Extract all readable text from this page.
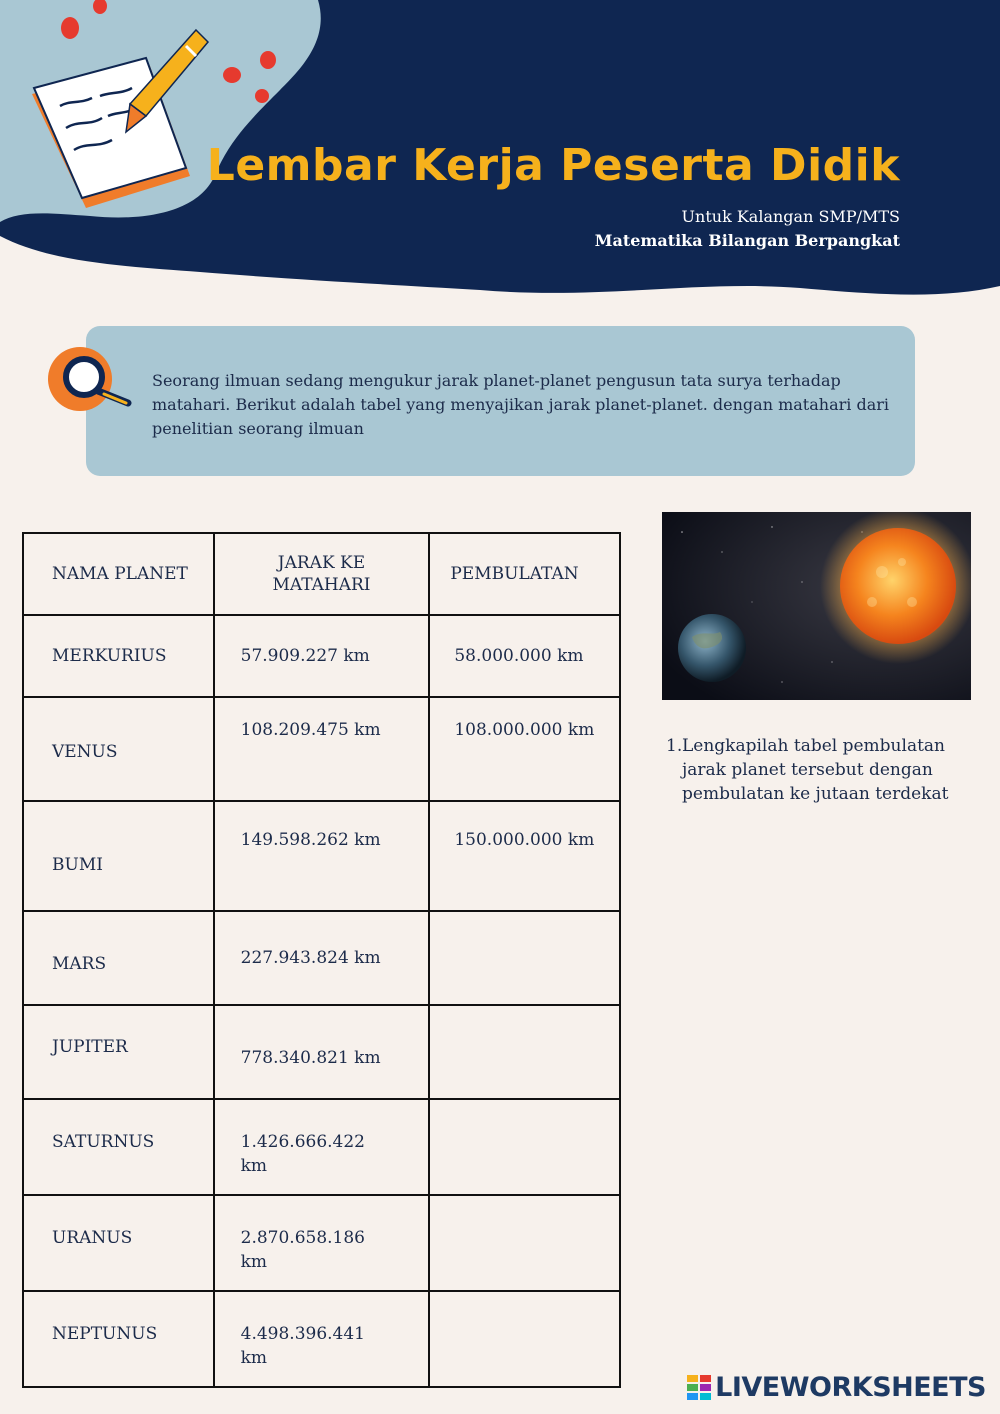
Lembar Kerja Peserta Didik
Untuk Kalangan SMP/MTS
Matematika Bilangan Berpangkat
Seorang ilmuan sedang mengukur jarak planet-planet pengusun tata surya terhadap matahari. Berikut adalah tabel yang menyajikan jarak planet-planet. dengan matahari dari penelitian seorang ilmuan
NAMA PLANET	JARAK KE MATAHARI	PEMBULATAN
MERKURIUS	57.909.227 km	58.000.000 km
VENUS	108.209.475 km	108.000.000 km
BUMI	149.598.262 km	150.000.000 km
MARS	227.943.824 km	
JUPITER	778.340.821 km	
SATURNUS	1.426.666.422 km	
URANUS	2.870.658.186 km	
NEPTUNUS	4.498.396.441 km	
1. Lengkapilah tabel pembulatan jarak planet tersebut dengan pembulatan ke jutaan terdekat
LIVEWORKSHEETS
